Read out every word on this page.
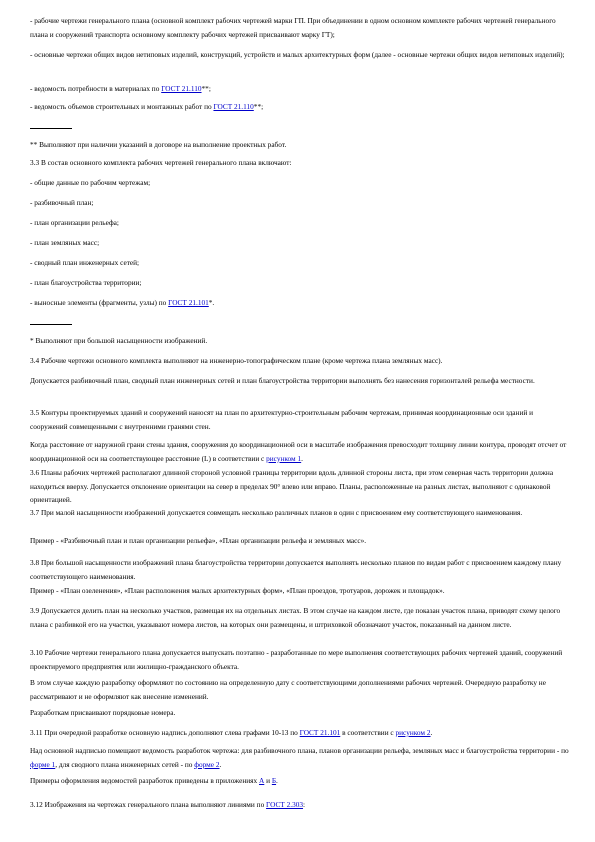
- рабочие чертежи генерального плана (основной комплект рабочих чертежей марки ГП. При объединении в одном основном комплекте рабочих чертежей генерального плана и сооружений транспорта основному комплекту рабочих чертежей присваивают марку ГТ);
- основные чертежи общих видов нетиповых изделий, конструкций, устройств и малых архитектурных форм (далее - основные чертежи общих видов нетиповых изделий);
- ведомость потребности в материалах по ГОСТ 21.110**;
- ведомость объемов строительных и монтажных работ по ГОСТ 21.110**;
** Выполняют при наличии указаний в договоре на выполнение проектных работ.
3.3 В состав основного комплекта рабочих чертежей генерального плана включают:
- общие данные по рабочим чертежам;
- разбивочный план;
- план организации рельефа;
- план земляных масс;
- сводный план инженерных сетей;
- план благоустройства территории;
- выносные элементы (фрагменты, узлы) по ГОСТ 21.101*.
* Выполняют при большой насыщенности изображений.
3.4 Рабочие чертежи основного комплекта выполняют на инженерно-топографическом плане (кроме чертежа плана земляных масс).
Допускается разбивочный план, сводный план инженерных сетей и план благоустройства территории выполнять без нанесения горизонталей рельефа местности.
3.5 Контуры проектируемых зданий и сооружений наносят на план по архитектурно-строительным рабочим чертежам, принимая координационные оси зданий и сооружений совмещенными с внутренними гранями стен.
Когда расстояние от наружной грани стены здания, сооружения до координационной оси в масштабе изображения превосходит толщину линии контура, проводят отсчет от координационной оси на соответствующее расстояние (L) в соответствии с рисунком 1.
3.6 Планы рабочих чертежей располагают длинной стороной условной границы территории вдоль длинной стороны листа, при этом северная часть территории должна находиться вверху. Допускается отклонение ориентации на север в пределах 90° влево или вправо. Планы, расположенные на разных листах, выполняют с одинаковой ориентацией.
3.7 При малой насыщенности изображений допускается совмещать несколько различных планов в один с присвоением ему соответствующего наименования.
Пример - «Разбивочный план и план организации рельефа», «План организации рельефа и земляных масс».
3.8 При большой насыщенности изображений плана благоустройства территории допускается выполнять несколько планов по видам работ с присвоением каждому плану соответствующего наименования.
Пример - «План озеленения», «План расположения малых архитектурных форм», «План проездов, тротуаров, дорожек и площадок».
3.9 Допускается делить план на несколько участков, размещая их на отдельных листах. В этом случае на каждом листе, где показан участок плана, приводят схему целого плана с разбивкой его на участки, указывают номера листов, на которых они размещены, и штриховкой обозначают участок, показанный на данном листе.
3.10 Рабочие чертежи генерального плана допускается выпускать поэтапно - разработанные по мере выполнения соответствующих рабочих чертежей зданий, сооружений проектируемого предприятия или жилищно-гражданского объекта.
В этом случае каждую разработку оформляют по состоянию на определенную дату с соответствующими дополнениями рабочих чертежей. Очередную разработку не рассматривают и не оформляют как внесение изменений.
Разработкам присваивают порядковые номера.
3.11 При очередной разработке основную надпись дополняют слева графами 10-13 по ГОСТ 21.101 в соответствии с рисунком 2.
Над основной надписью помещают ведомость разработок чертежа: для разбивочного плана, планов организации рельефа, земляных масс и благоустройства территории - по форме 1, для сводного плана инженерных сетей - по форме 2.
Примеры оформления ведомостей разработок приведены в приложениях А и Б.
3.12 Изображения на чертежах генерального плана выполняют линиями по ГОСТ 2.303:
